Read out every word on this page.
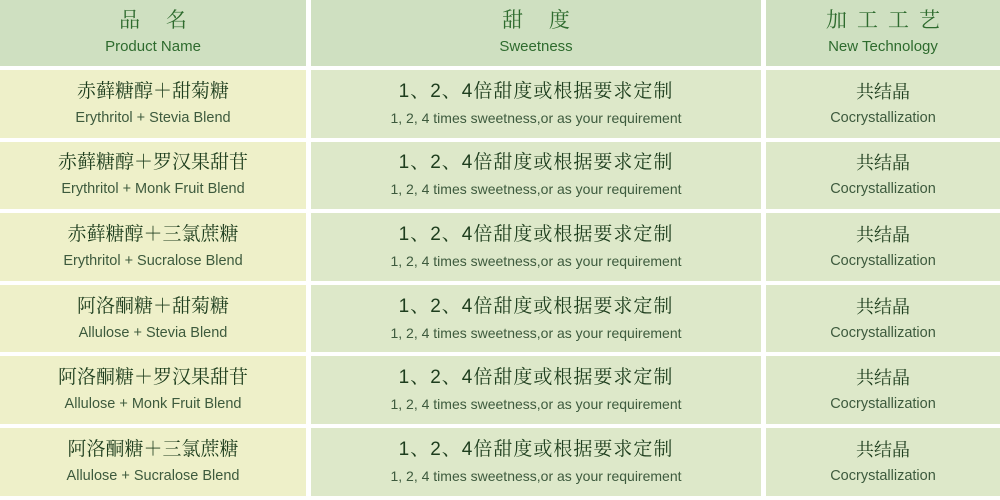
品 名
Product Name
甜 度
Sweetness
加工工艺
New Technology
赤藓糖醇＋甜菊糖
Erythritol + Stevia Blend
1、2、4倍甜度或根据要求定制
1, 2, 4 times sweetness,or as your requirement
共结晶
Cocrystallization
赤藓糖醇＋罗汉果甜苷
Erythritol + Monk Fruit Blend
1、2、4倍甜度或根据要求定制
1, 2, 4 times sweetness,or as your requirement
共结晶
Cocrystallization
赤藓糖醇＋三氯蔗糖
Erythritol + Sucralose Blend
1、2、4倍甜度或根据要求定制
1, 2, 4 times sweetness,or as your requirement
共结晶
Cocrystallization
阿洛酮糖＋甜菊糖
Allulose + Stevia Blend
1、2、4倍甜度或根据要求定制
1, 2, 4 times sweetness,or as your requirement
共结晶
Cocrystallization
阿洛酮糖＋罗汉果甜苷
Allulose + Monk Fruit Blend
1、2、4倍甜度或根据要求定制
1, 2, 4 times sweetness,or as your requirement
共结晶
Cocrystallization
阿洛酮糖＋三氯蔗糖
Allulose + Sucralose Blend
1、2、4倍甜度或根据要求定制
1, 2, 4 times sweetness,or as your requirement
共结晶
Cocrystallization
